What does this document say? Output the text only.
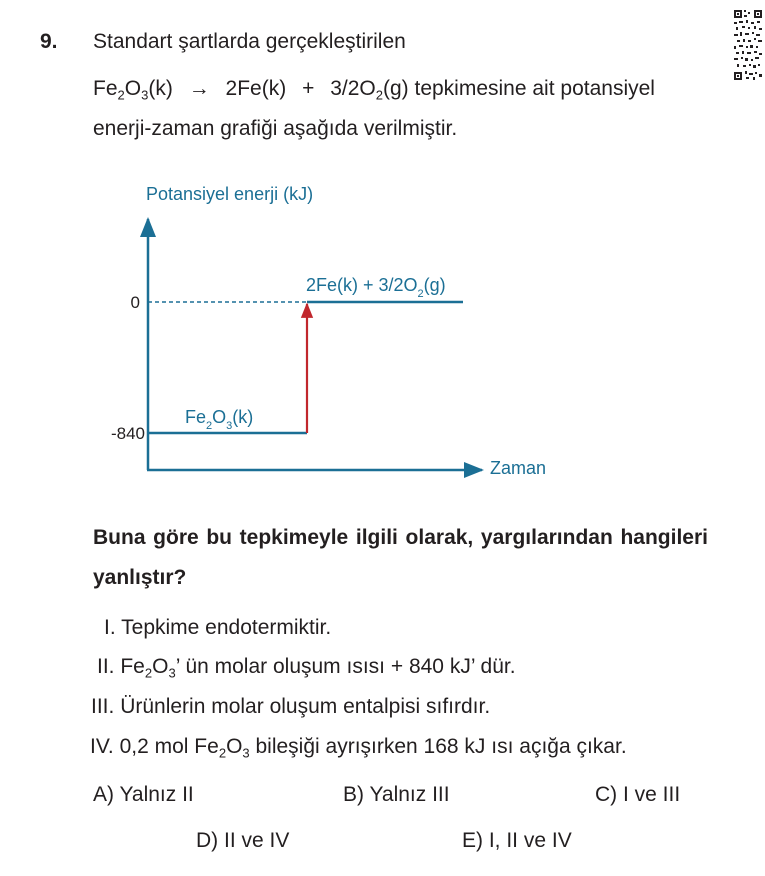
9. Standart şartlarda gerçekleştirilen
$Fe_2O_3(k) \to 2Fe(k) + 3/2O_2(g)$ tepkimesine ait potansiyel
enerji-zaman grafiği aşağıda verilmiştir.
Potansiyel enerji (kJ)
Zaman
0
-840
$Fe_2O_3(k)$
$2Fe(k) + 3/2O_2(g)$
Buna göre bu tepkimeyle ilgili olarak, yargılarından hangileri yanlıştır?
I. Tepkime endotermiktir.
II. $Fe_2O_3$’ ün molar oluşum ısısı + 840 kJ’ dür.
III. Ürünlerin molar oluşum entalpisi sıfırdır.
IV. 0,2 mol $Fe_2O_3$ bileşiği ayrışırken 168 kJ ısı açığa çıkar.
A) Yalnız II	B) Yalnız III	C) I ve III
D) II ve IV	E) I, II ve IV
